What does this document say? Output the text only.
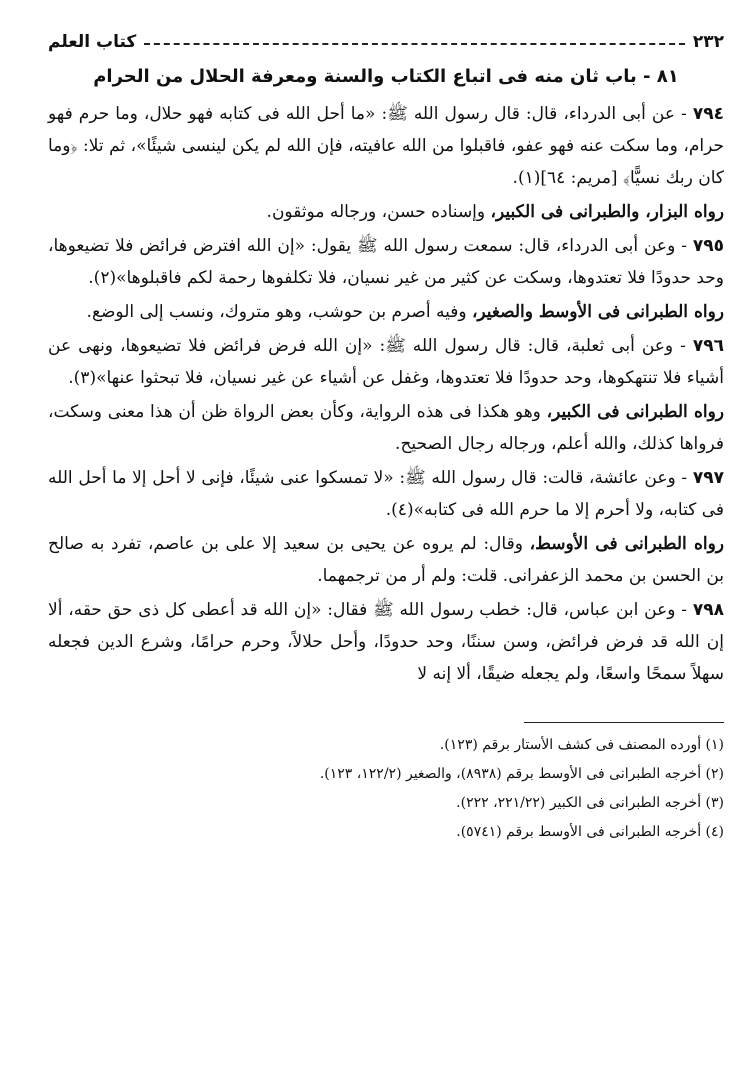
٢٣٢
كتاب العلم
٨١ - باب ثان منه فى اتباع الكتاب والسنة ومعرفة الحلال من الحرام

٧٩٤ - عن أبى الدرداء، قال: قال رسول الله ﷺ: «ما أحل الله فى كتابه فهو حلال، وما حرم فهو حرام، وما سكت عنه فهو عفو، فاقبلوا من الله عافيته، فإن الله لم يكن لينسى شيئًا»، ثم تلا: ﴿وما كان ربك نسيًّا﴾ [مريم: ٦٤](١).

رواه البزار، والطبرانى فى الكبير، وإسناده حسن، ورجاله موثقون.

٧٩٥ - وعن أبى الدرداء، قال: سمعت رسول الله ﷺ يقول: «إن الله افترض فرائض فلا تضيعوها، وحد حدودًا فلا تعتدوها، وسكت عن كثير من غير نسيان، فلا تكلفوها رحمة لكم فاقبلوها»(٢).

رواه الطبرانى فى الأوسط والصغير، وفيه أصرم بن حوشب، وهو متروك، ونسب إلى الوضع.

٧٩٦ - وعن أبى ثعلبة، قال: قال رسول الله ﷺ: «إن الله فرض فرائض فلا تضيعوها، ونهى عن أشياء فلا تنتهكوها، وحد حدودًا فلا تعتدوها، وغفل عن أشياء عن غير نسيان، فلا تبحثوا عنها»(٣).

رواه الطبرانى فى الكبير، وهو هكذا فى هذه الرواية، وكأن بعض الرواة ظن أن هذا معنى وسكت، فرواها كذلك، والله أعلم، ورجاله رجال الصحيح.

٧٩٧ - وعن عائشة، قالت: قال رسول الله ﷺ: «لا تمسكوا عنى شيئًا، فإنى لا أحل إلا ما أحل الله فى كتابه، ولا أحرم إلا ما حرم الله فى كتابه»(٤).

رواه الطبرانى فى الأوسط، وقال: لم يروه عن يحيى بن سعيد إلا على بن عاصم، تفرد به صالح بن الحسن بن محمد الزعفرانى. قلت: ولم أر من ترجمهما.

٧٩٨ - وعن ابن عباس، قال: خطب رسول الله ﷺ فقال: «إن الله قد أعطى كل ذى حق حقه، ألا إن الله قد فرض فرائض، وسن سننًا، وحد حدودًا، وأحل حلالاً، وحرم حرامًا، وشرع الدين فجعله سهلاً سمحًا واسعًا، ولم يجعله ضيقًا، ألا إنه لا

(١) أورده المصنف فى كشف الأستار برقم (١٢٣).

(٢) أخرجه الطبرانى فى الأوسط برقم (٨٩٣٨)، والصغير (١٢٢/٢، ١٢٣).

(٣) أخرجه الطبرانى فى الكبير (٢٢١/٢٢، ٢٢٢).

(٤) أخرجه الطبرانى فى الأوسط برقم (٥٧٤١).
